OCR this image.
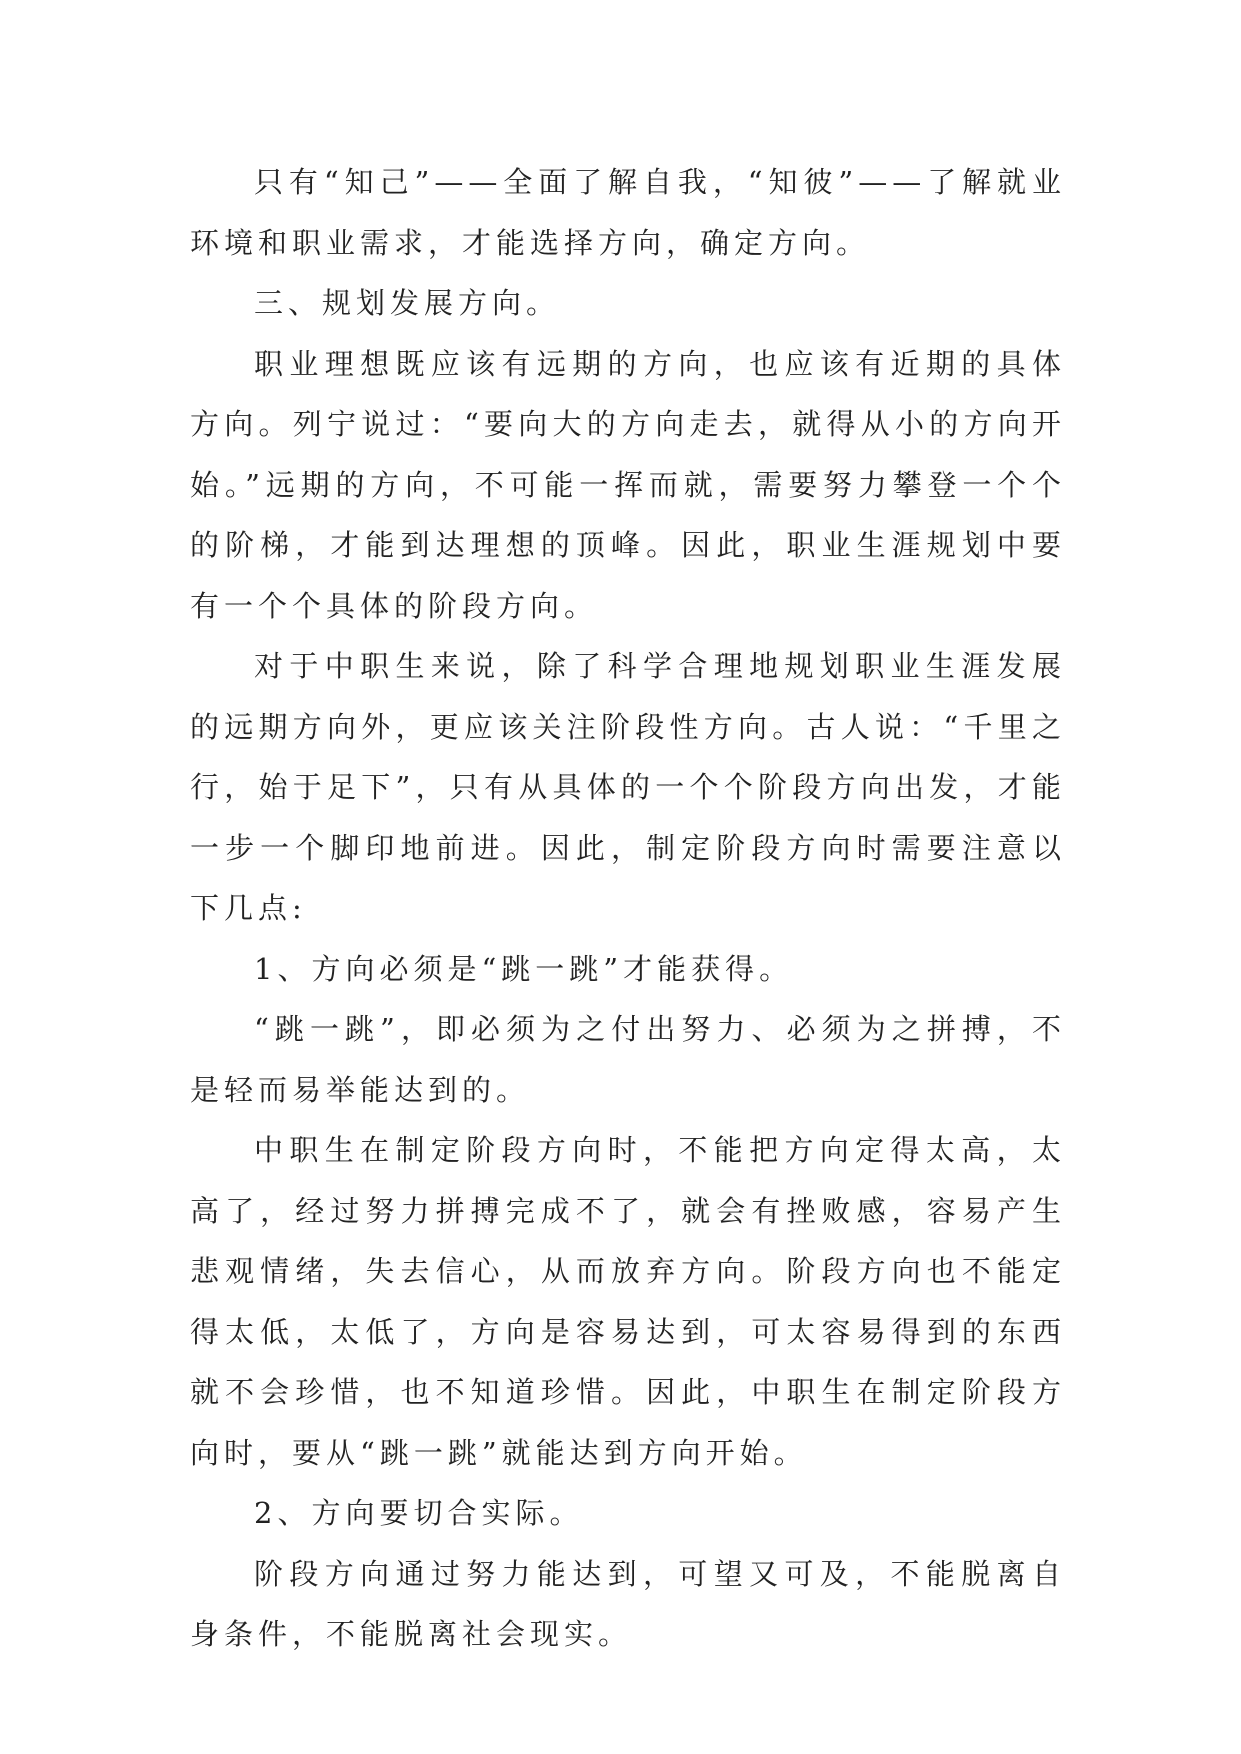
只有“知己”——全面了解自我，“知彼”——了解就业环境和职业需求，才能选择方向，确定方向。

三、规划发展方向。

职业理想既应该有远期的方向，也应该有近期的具体方向。列宁说过：“要向大的方向走去，就得从小的方向开始。”远期的方向，不可能一挥而就，需要努力攀登一个个的阶梯，才能到达理想的顶峰。因此，职业生涯规划中要有一个个具体的阶段方向。

对于中职生来说，除了科学合理地规划职业生涯发展的远期方向外，更应该关注阶段性方向。古人说：“千里之行，始于足下”，只有从具体的一个个阶段方向出发，才能一步一个脚印地前进。因此，制定阶段方向时需要注意以下几点:

1、方向必须是“跳一跳”才能获得。

“跳一跳”，即必须为之付出努力、必须为之拼搏，不是轻而易举能达到的。

中职生在制定阶段方向时，不能把方向定得太高，太高了，经过努力拼搏完成不了，就会有挫败感，容易产生悲观情绪，失去信心，从而放弃方向。阶段方向也不能定得太低，太低了，方向是容易达到，可太容易得到的东西就不会珍惜，也不知道珍惜。因此，中职生在制定阶段方向时，要从“跳一跳”就能达到方向开始。

2、方向要切合实际。

阶段方向通过努力能达到，可望又可及，不能脱离自身条件，不能脱离社会现实。
